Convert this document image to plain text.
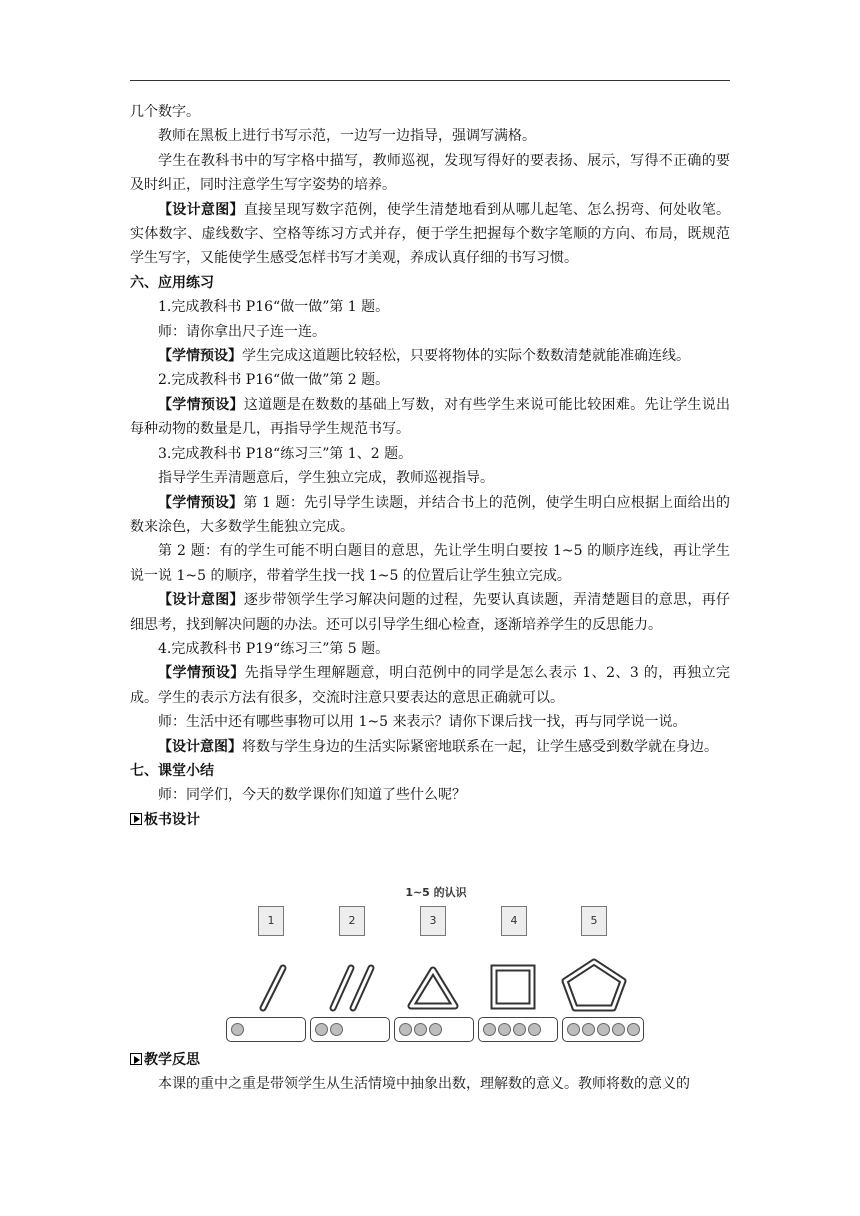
几个数字。

教师在黑板上进行书写示范，一边写一边指导，强调写满格。

学生在教科书中的写字格中描写，教师巡视，发现写得好的要表扬、展示，写得不正确的要及时纠正，同时注意学生写字姿势的培养。

【设计意图】直接呈现写数字范例，使学生清楚地看到从哪儿起笔、怎么拐弯、何处收笔。实体数字、虚线数字、空格等练习方式并存，便于学生把握每个数字笔顺的方向、布局，既规范学生写字，又能使学生感受怎样书写才美观，养成认真仔细的书写习惯。

六、应用练习

1.完成教科书 P16“做一做”第 1 题。

师：请你拿出尺子连一连。

【学情预设】学生完成这道题比较轻松，只要将物体的实际个数数清楚就能准确连线。

2.完成教科书 P16“做一做”第 2 题。

【学情预设】这道题是在数数的基础上写数，对有些学生来说可能比较困难。先让学生说出每种动物的数量是几，再指导学生规范书写。

3.完成教科书 P18“练习三”第 1、2 题。

指导学生弄清题意后，学生独立完成，教师巡视指导。

【学情预设】第 1 题：先引导学生读题，并结合书上的范例，使学生明白应根据上面给出的数来涂色，大多数学生能独立完成。

第 2 题：有的学生可能不明白题目的意思，先让学生明白要按 1~5 的顺序连线，再让学生说一说 1~5 的顺序，带着学生找一找 1~5 的位置后让学生独立完成。

【设计意图】逐步带领学生学习解决问题的过程，先要认真读题，弄清楚题目的意思，再仔细思考，找到解决问题的办法。还可以引导学生细心检查，逐渐培养学生的反思能力。

4.完成教科书 P19“练习三”第 5 题。

【学情预设】先指导学生理解题意，明白范例中的同学是怎么表示 1、2、3 的，再独立完成。学生的表示方法有很多，交流时注意只要表达的意思正确就可以。

师：生活中还有哪些事物可以用 1~5 来表示？请你下课后找一找，再与同学说一说。

【设计意图】将数与学生身边的生活实际紧密地联系在一起，让学生感受到数学就在身边。

七、课堂小结

师：同学们，今天的数学课你们知道了些什么呢？

板书设计

1~5 的认识
1	2	3	4	5

教学反思

本课的重中之重是带领学生从生活情境中抽象出数，理解数的意义。教师将数的意义的
